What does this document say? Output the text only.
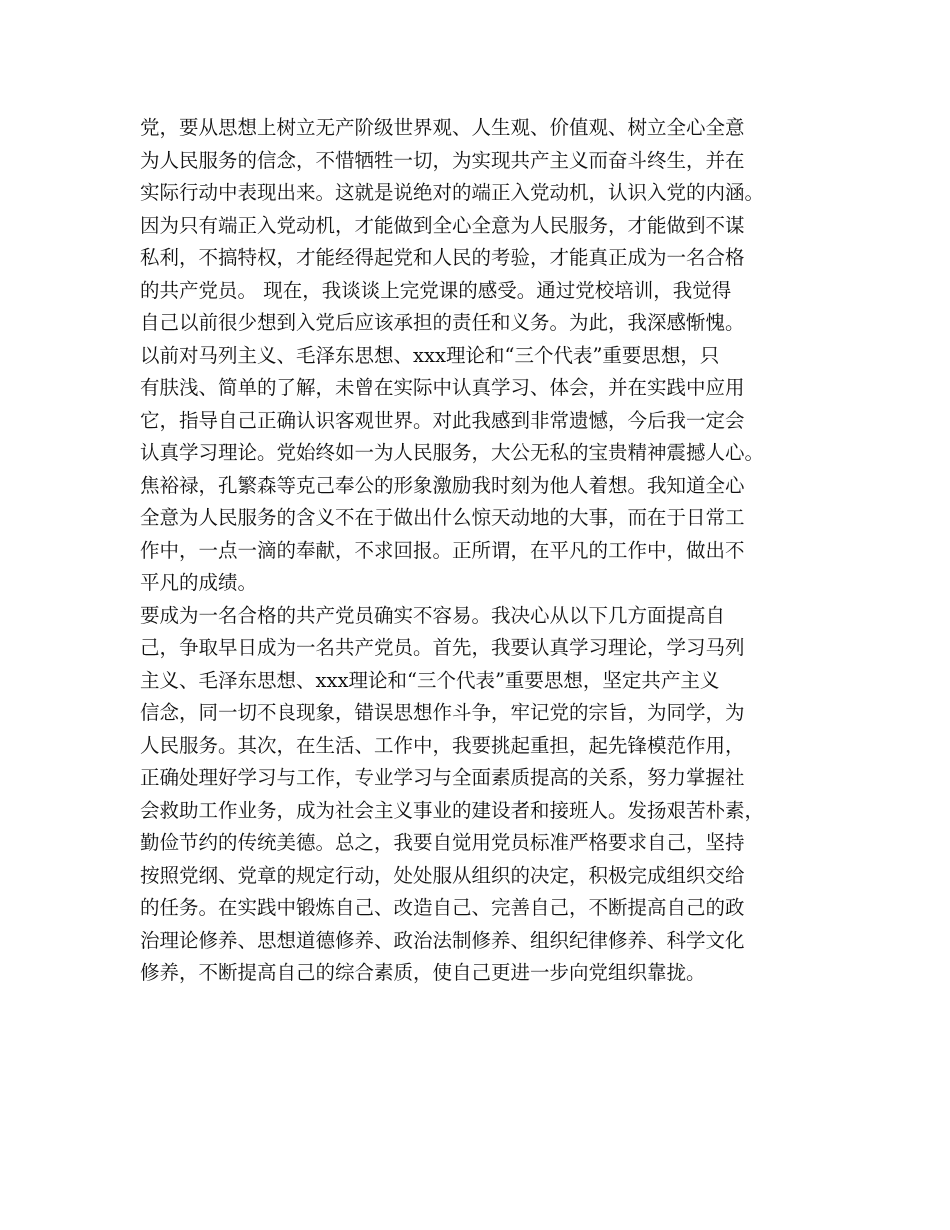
党，要从思想上树立无产阶级世界观、人生观、价值观、树立全心全意
为人民服务的信念，不惜牺牲一切，为实现共产主义而奋斗终生，并在
实际行动中表现出来。这就是说绝对的端正入党动机，认识入党的内涵。
因为只有端正入党动机，才能做到全心全意为人民服务，才能做到不谋
私利，不搞特权，才能经得起党和人民的考验，才能真正成为一名合格
的共产党员。 现在，我谈谈上完党课的感受。通过党校培训，我觉得
自己以前很少想到入党后应该承担的责任和义务。为此，我深感惭愧。
以前对马列主义、毛泽东思想、xxx理论和“三个代表”重要思想，只
有肤浅、简单的了解，未曾在实际中认真学习、体会，并在实践中应用
它，指导自己正确认识客观世界。对此我感到非常遗憾，今后我一定会
认真学习理论。党始终如一为人民服务，大公无私的宝贵精神震撼人心。
焦裕禄，孔繁森等克己奉公的形象激励我时刻为他人着想。我知道全心
全意为人民服务的含义不在于做出什么惊天动地的大事，而在于日常工
作中，一点一滴的奉献，不求回报。正所谓，在平凡的工作中，做出不
平凡的成绩。
要成为一名合格的共产党员确实不容易。我决心从以下几方面提高自
己，争取早日成为一名共产党员。首先，我要认真学习理论，学习马列
主义、毛泽东思想、xxx理论和“三个代表”重要思想，坚定共产主义
信念，同一切不良现象，错误思想作斗争，牢记党的宗旨，为同学，为
人民服务。其次，在生活、工作中，我要挑起重担，起先锋模范作用，
正确处理好学习与工作，专业学习与全面素质提高的关系，努力掌握社
会救助工作业务，成为社会主义事业的建设者和接班人。发扬艰苦朴素，
勤俭节约的传统美德。总之，我要自觉用党员标准严格要求自己，坚持
按照党纲、党章的规定行动，处处服从组织的决定，积极完成组织交给
的任务。在实践中锻炼自己、改造自己、完善自己，不断提高自己的政
治理论修养、思想道德修养、政治法制修养、组织纪律修养、科学文化
修养，不断提高自己的综合素质，使自己更进一步向党组织靠拢。
